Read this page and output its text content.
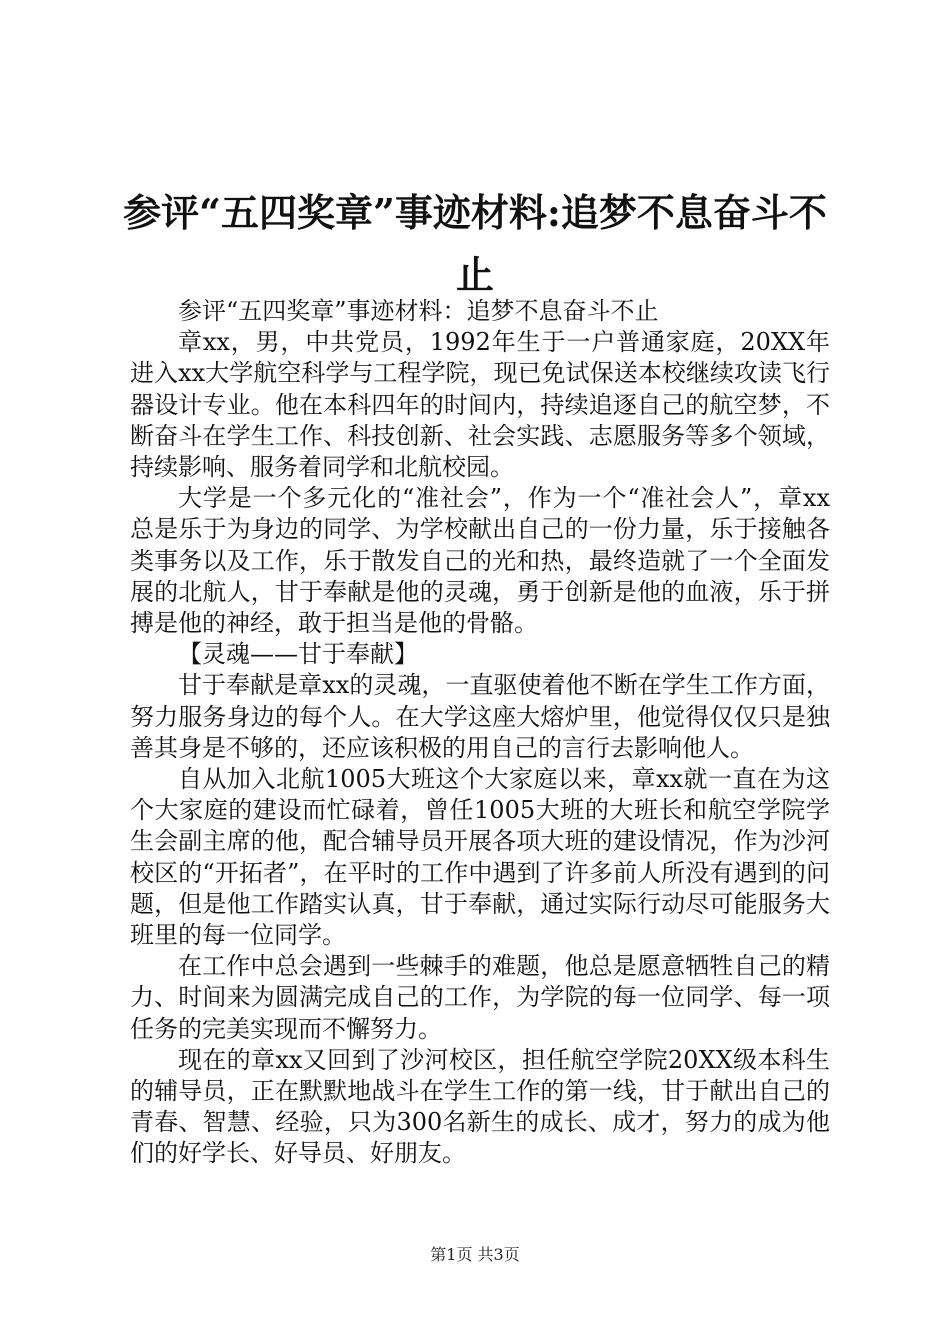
参评“五四奖章”事迹材料:追梦不息奋斗不止

参评“五四奖章”事迹材料：追梦不息奋斗不止

章xx，男，中共党员，1992年生于一户普通家庭，20XX年进入xx大学航空科学与工程学院，现已免试保送本校继续攻读飞行器设计专业。他在本科四年的时间内，持续追逐自己的航空梦，不断奋斗在学生工作、科技创新、社会实践、志愿服务等多个领域，持续影响、服务着同学和北航校园。

大学是一个多元化的“准社会”，作为一个“准社会人”，章xx总是乐于为身边的同学、为学校献出自己的一份力量，乐于接触各类事务以及工作，乐于散发自己的光和热，最终造就了一个全面发展的北航人，甘于奉献是他的灵魂，勇于创新是他的血液，乐于拼搏是他的神经，敢于担当是他的骨骼。

【灵魂——甘于奉献】

甘于奉献是章xx的灵魂，一直驱使着他不断在学生工作方面，努力服务身边的每个人。在大学这座大熔炉里，他觉得仅仅只是独善其身是不够的，还应该积极的用自己的言行去影响他人。

自从加入北航1005大班这个大家庭以来，章xx就一直在为这个大家庭的建设而忙碌着，曾任1005大班的大班长和航空学院学生会副主席的他，配合辅导员开展各项大班的建设情况，作为沙河校区的“开拓者”，在平时的工作中遇到了许多前人所没有遇到的问题，但是他工作踏实认真，甘于奉献，通过实际行动尽可能服务大班里的每一位同学。

在工作中总会遇到一些棘手的难题，他总是愿意牺牲自己的精力、时间来为圆满完成自己的工作，为学院的每一位同学、每一项任务的完美实现而不懈努力。

现在的章xx又回到了沙河校区，担任航空学院20XX级本科生的辅导员，正在默默地战斗在学生工作的第一线，甘于献出自己的青春、智慧、经验，只为300名新生的成长、成才，努力的成为他们的好学长、好导员、好朋友。

第1页 共3页
